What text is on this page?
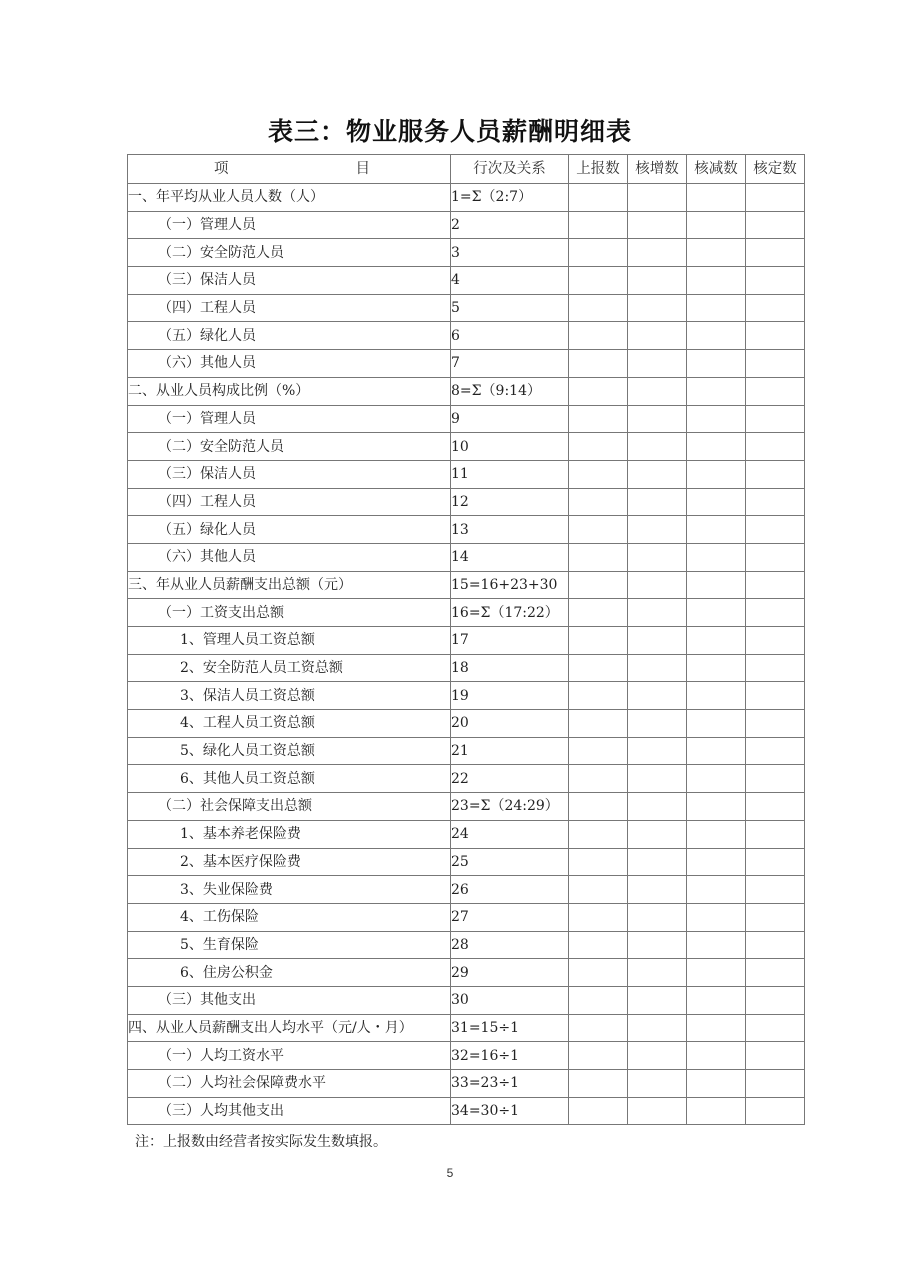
表三：物业服务人员薪酬明细表
项 目	行次及关系	上报数	核增数	核减数	核定数
一、年平均从业人员人数（人）	1=Σ（2:7）				
（一）管理人员	2				
（二）安全防范人员	3				
（三）保洁人员	4				
（四）工程人员	5				
（五）绿化人员	6				
（六）其他人员	7				
二、从业人员构成比例（%）	8=Σ（9:14）				
（一）管理人员	9				
（二）安全防范人员	10				
（三）保洁人员	11				
（四）工程人员	12				
（五）绿化人员	13				
（六）其他人员	14				
三、年从业人员薪酬支出总额（元）	15=16+23+30				
（一）工资支出总额	16=Σ（17:22）				
1、管理人员工资总额	17				
2、安全防范人员工资总额	18				
3、保洁人员工资总额	19				
4、工程人员工资总额	20				
5、绿化人员工资总额	21				
6、其他人员工资总额	22				
（二）社会保障支出总额	23=Σ（24:29）				
1、基本养老保险费	24				
2、基本医疗保险费	25				
3、失业保险费	26				
4、工伤保险	27				
5、生育保险	28				
6、住房公积金	29				
（三）其他支出	30				
四、从业人员薪酬支出人均水平（元/人・月）	31=15÷1				
（一）人均工资水平	32=16÷1				
（二）人均社会保障费水平	33=23÷1				
（三）人均其他支出	34=30÷1				
注：上报数由经营者按实际发生数填报。
5
